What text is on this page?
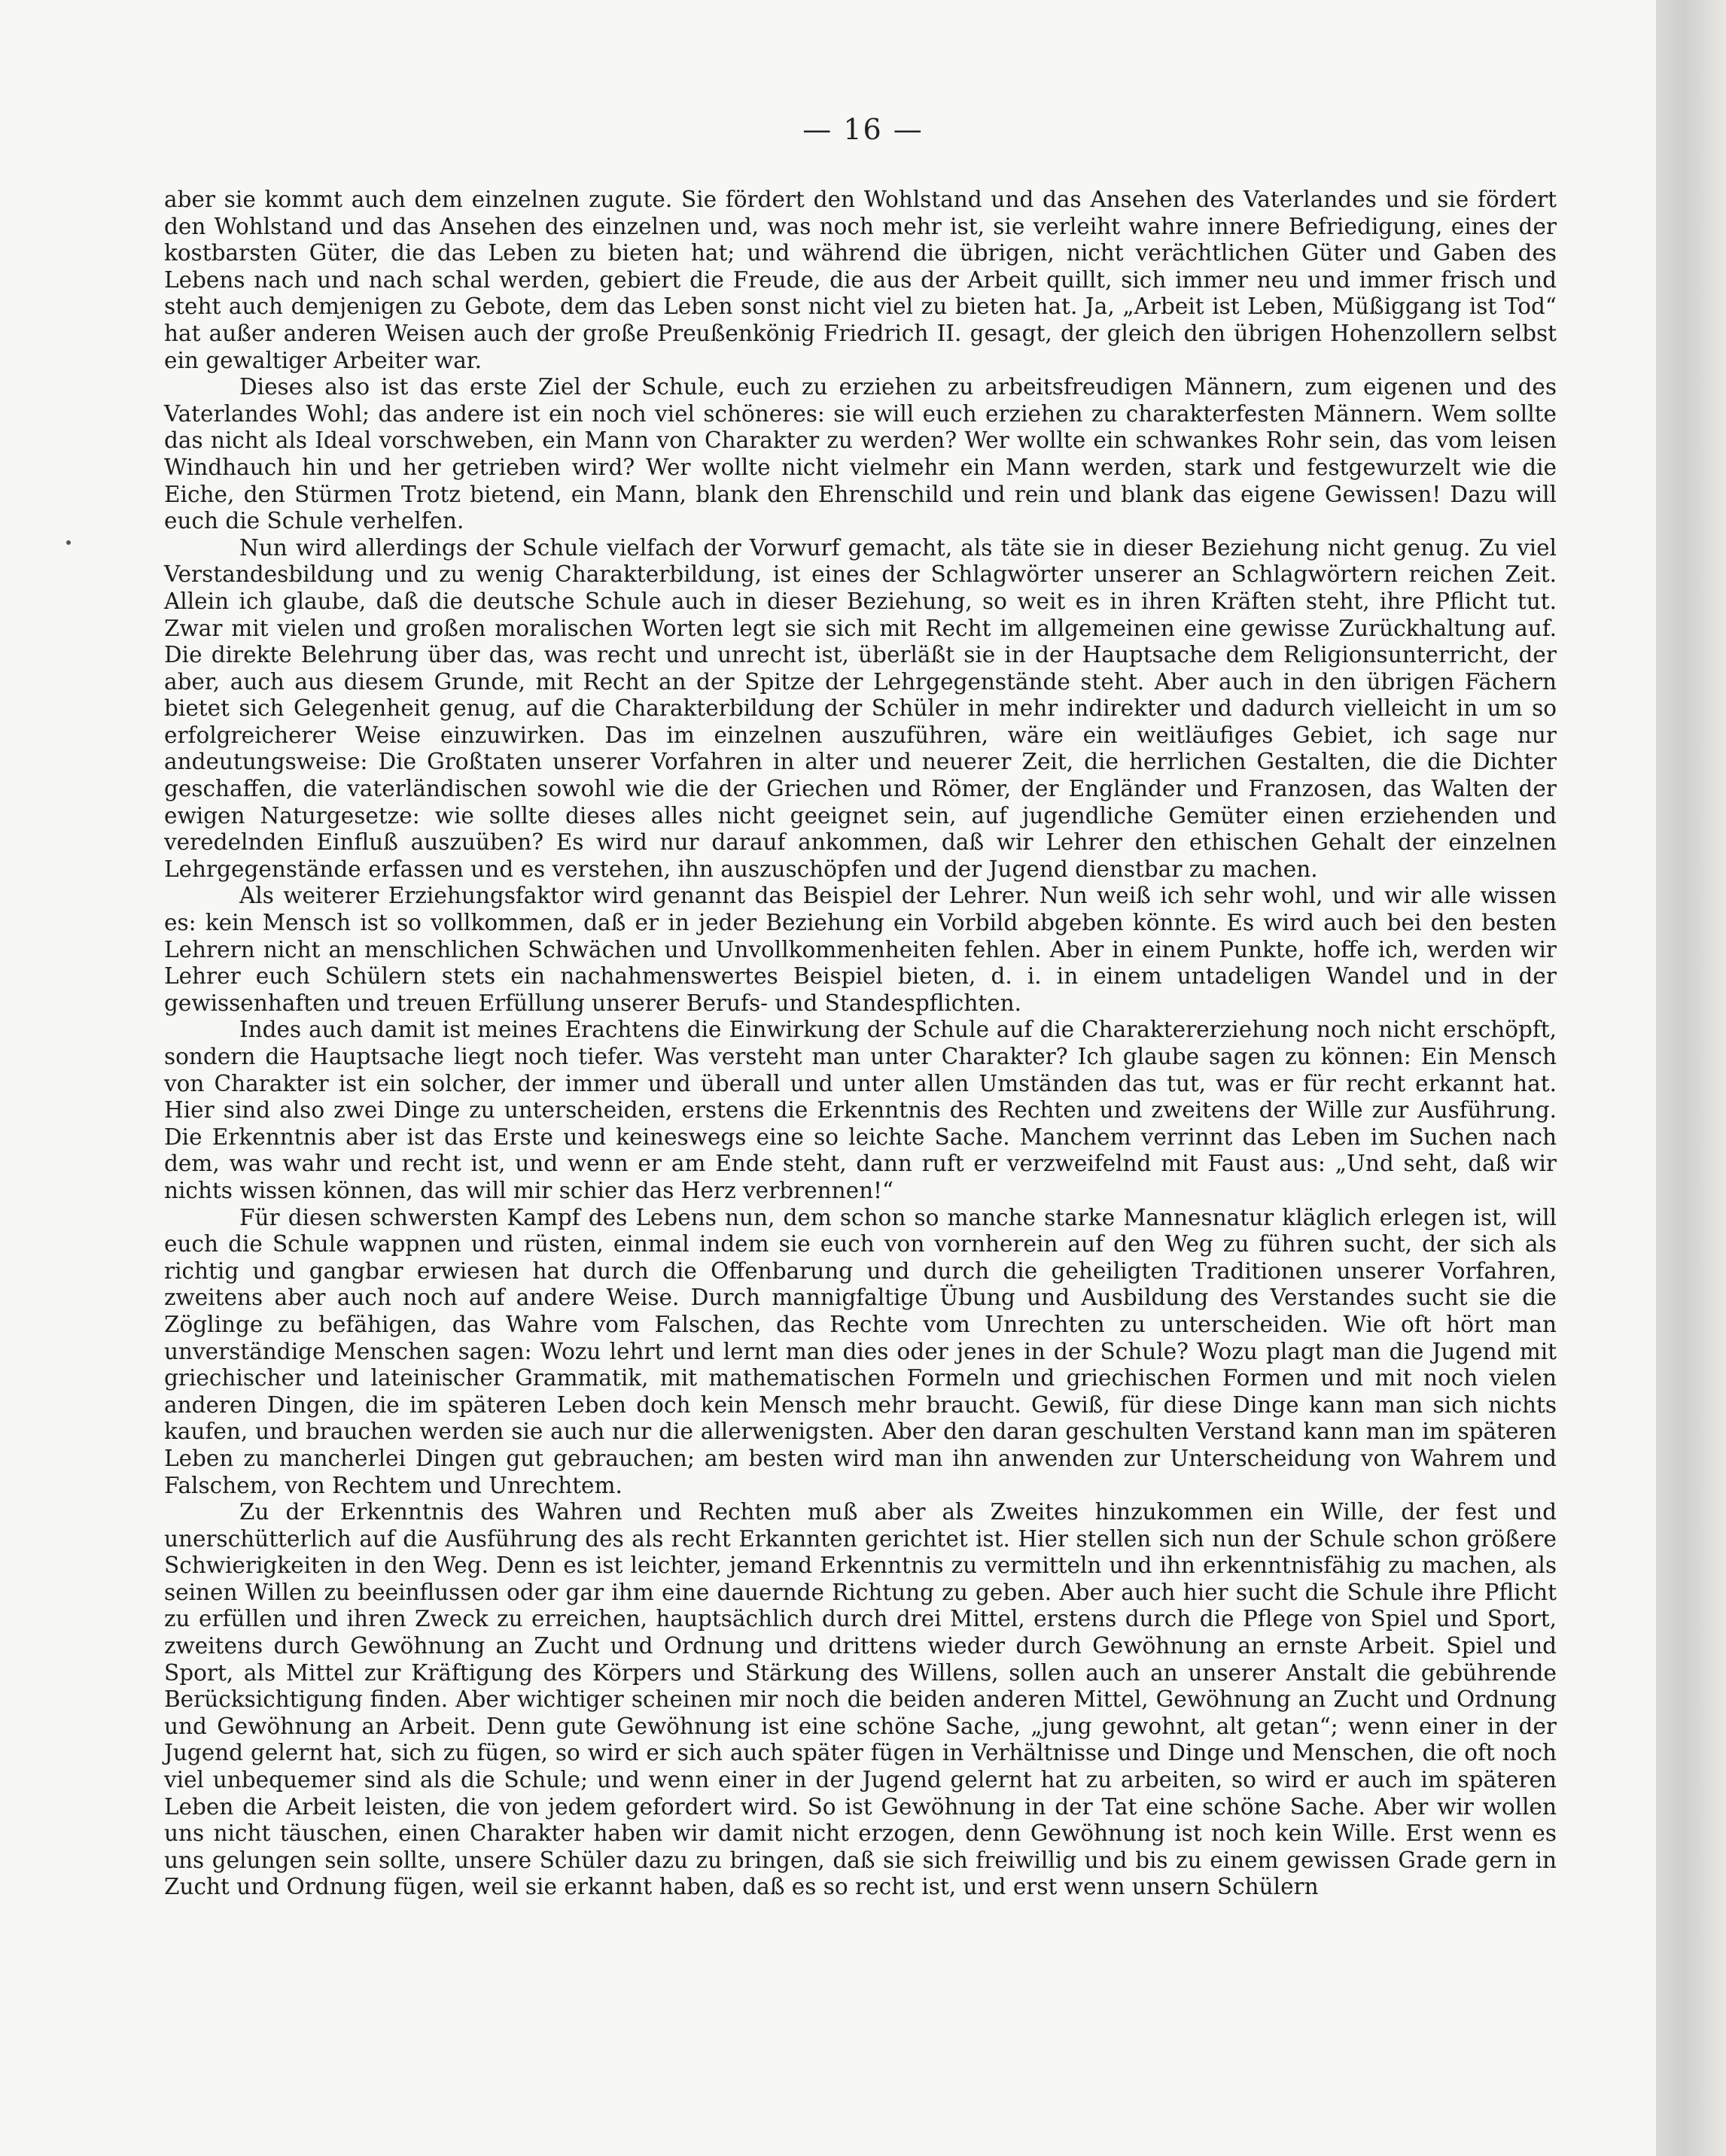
— 16 —

aber sie kommt auch dem einzelnen zugute. Sie fördert den Wohlstand und das Ansehen des Vaterlandes und sie fördert den Wohlstand und das Ansehen des einzelnen und, was noch mehr ist, sie verleiht wahre innere Befriedigung, eines der kostbarsten Güter, die das Leben zu bieten hat; und während die übrigen, nicht verächtlichen Güter und Gaben des Lebens nach und nach schal werden, gebiert die Freude, die aus der Arbeit quillt, sich immer neu und immer frisch und steht auch demjenigen zu Gebote, dem das Leben sonst nicht viel zu bieten hat. Ja, „Arbeit ist Leben, Müßiggang ist Tod“ hat außer anderen Weisen auch der große Preußenkönig Friedrich II. gesagt, der gleich den übrigen Hohenzollern selbst ein gewaltiger Arbeiter war.

Dieses also ist das erste Ziel der Schule, euch zu erziehen zu arbeitsfreudigen Männern, zum eigenen und des Vaterlandes Wohl; das andere ist ein noch viel schöneres: sie will euch erziehen zu charakterfesten Männern. Wem sollte das nicht als Ideal vorschweben, ein Mann von Charakter zu werden? Wer wollte ein schwankes Rohr sein, das vom leisen Windhauch hin und her getrieben wird? Wer wollte nicht vielmehr ein Mann werden, stark und festgewurzelt wie die Eiche, den Stürmen Trotz bietend, ein Mann, blank den Ehrenschild und rein und blank das eigene Gewissen! Dazu will euch die Schule verhelfen.

Nun wird allerdings der Schule vielfach der Vorwurf gemacht, als täte sie in dieser Beziehung nicht genug. Zu viel Verstandesbildung und zu wenig Charakterbildung, ist eines der Schlagwörter unserer an Schlagwörtern reichen Zeit. Allein ich glaube, daß die deutsche Schule auch in dieser Beziehung, so weit es in ihren Kräften steht, ihre Pflicht tut. Zwar mit vielen und großen moralischen Worten legt sie sich mit Recht im allgemeinen eine gewisse Zurückhaltung auf. Die direkte Belehrung über das, was recht und unrecht ist, überläßt sie in der Hauptsache dem Religionsunterricht, der aber, auch aus diesem Grunde, mit Recht an der Spitze der Lehrgegenstände steht. Aber auch in den übrigen Fächern bietet sich Gelegenheit genug, auf die Charakterbildung der Schüler in mehr indirekter und dadurch vielleicht in um so erfolgreicherer Weise einzuwirken. Das im einzelnen auszuführen, wäre ein weitläufiges Gebiet, ich sage nur andeutungsweise: Die Großtaten unserer Vorfahren in alter und neuerer Zeit, die herrlichen Gestalten, die die Dichter geschaffen, die vaterländischen sowohl wie die der Griechen und Römer, der Engländer und Franzosen, das Walten der ewigen Naturgesetze: wie sollte dieses alles nicht geeignet sein, auf jugendliche Gemüter einen erziehenden und veredelnden Einfluß auszuüben? Es wird nur darauf ankommen, daß wir Lehrer den ethischen Gehalt der einzelnen Lehrgegenstände erfassen und es verstehen, ihn auszuschöpfen und der Jugend dienstbar zu machen.

Als weiterer Erziehungsfaktor wird genannt das Beispiel der Lehrer. Nun weiß ich sehr wohl, und wir alle wissen es: kein Mensch ist so vollkommen, daß er in jeder Beziehung ein Vorbild abgeben könnte. Es wird auch bei den besten Lehrern nicht an menschlichen Schwächen und Unvollkommenheiten fehlen. Aber in einem Punkte, hoffe ich, werden wir Lehrer euch Schülern stets ein nachahmenswertes Beispiel bieten, d. i. in einem untadeligen Wandel und in der gewissenhaften und treuen Erfüllung unserer Berufs- und Standespflichten.

Indes auch damit ist meines Erachtens die Einwirkung der Schule auf die Charaktererziehung noch nicht erschöpft, sondern die Hauptsache liegt noch tiefer. Was versteht man unter Charakter? Ich glaube sagen zu können: Ein Mensch von Charakter ist ein solcher, der immer und überall und unter allen Umständen das tut, was er für recht erkannt hat. Hier sind also zwei Dinge zu unterscheiden, erstens die Erkenntnis des Rechten und zweitens der Wille zur Ausführung. Die Erkenntnis aber ist das Erste und keineswegs eine so leichte Sache. Manchem verrinnt das Leben im Suchen nach dem, was wahr und recht ist, und wenn er am Ende steht, dann ruft er verzweifelnd mit Faust aus: „Und seht, daß wir nichts wissen können, das will mir schier das Herz verbrennen!“

Für diesen schwersten Kampf des Lebens nun, dem schon so manche starke Mannesnatur kläglich erlegen ist, will euch die Schule wappnen und rüsten, einmal indem sie euch von vornherein auf den Weg zu führen sucht, der sich als richtig und gangbar erwiesen hat durch die Offenbarung und durch die geheiligten Traditionen unserer Vorfahren, zweitens aber auch noch auf andere Weise. Durch mannigfaltige Übung und Ausbildung des Verstandes sucht sie die Zöglinge zu befähigen, das Wahre vom Falschen, das Rechte vom Unrechten zu unterscheiden. Wie oft hört man unverständige Menschen sagen: Wozu lehrt und lernt man dies oder jenes in der Schule? Wozu plagt man die Jugend mit griechischer und lateinischer Grammatik, mit mathematischen Formeln und griechischen Formen und mit noch vielen anderen Dingen, die im späteren Leben doch kein Mensch mehr braucht. Gewiß, für diese Dinge kann man sich nichts kaufen, und brauchen werden sie auch nur die allerwenigsten. Aber den daran geschulten Verstand kann man im späteren Leben zu mancherlei Dingen gut gebrauchen; am besten wird man ihn anwenden zur Unterscheidung von Wahrem und Falschem, von Rechtem und Unrechtem.

Zu der Erkenntnis des Wahren und Rechten muß aber als Zweites hinzukommen ein Wille, der fest und unerschütterlich auf die Ausführung des als recht Erkannten gerichtet ist. Hier stellen sich nun der Schule schon größere Schwierigkeiten in den Weg. Denn es ist leichter, jemand Erkenntnis zu vermitteln und ihn erkenntnisfähig zu machen, als seinen Willen zu beeinflussen oder gar ihm eine dauernde Richtung zu geben. Aber auch hier sucht die Schule ihre Pflicht zu erfüllen und ihren Zweck zu erreichen, hauptsächlich durch drei Mittel, erstens durch die Pflege von Spiel und Sport, zweitens durch Gewöhnung an Zucht und Ordnung und drittens wieder durch Gewöhnung an ernste Arbeit. Spiel und Sport, als Mittel zur Kräftigung des Körpers und Stärkung des Willens, sollen auch an unserer Anstalt die gebührende Berücksichtigung finden. Aber wichtiger scheinen mir noch die beiden anderen Mittel, Gewöhnung an Zucht und Ordnung und Gewöhnung an Arbeit. Denn gute Gewöhnung ist eine schöne Sache, „jung gewohnt, alt getan“; wenn einer in der Jugend gelernt hat, sich zu fügen, so wird er sich auch später fügen in Verhältnisse und Dinge und Menschen, die oft noch viel unbequemer sind als die Schule; und wenn einer in der Jugend gelernt hat zu arbeiten, so wird er auch im späteren Leben die Arbeit leisten, die von jedem gefordert wird. So ist Gewöhnung in der Tat eine schöne Sache. Aber wir wollen uns nicht täuschen, einen Charakter haben wir damit nicht erzogen, denn Gewöhnung ist noch kein Wille. Erst wenn es uns gelungen sein sollte, unsere Schüler dazu zu bringen, daß sie sich freiwillig und bis zu einem gewissen Grade gern in Zucht und Ordnung fügen, weil sie erkannt haben, daß es so recht ist, und erst wenn unsern Schülern
